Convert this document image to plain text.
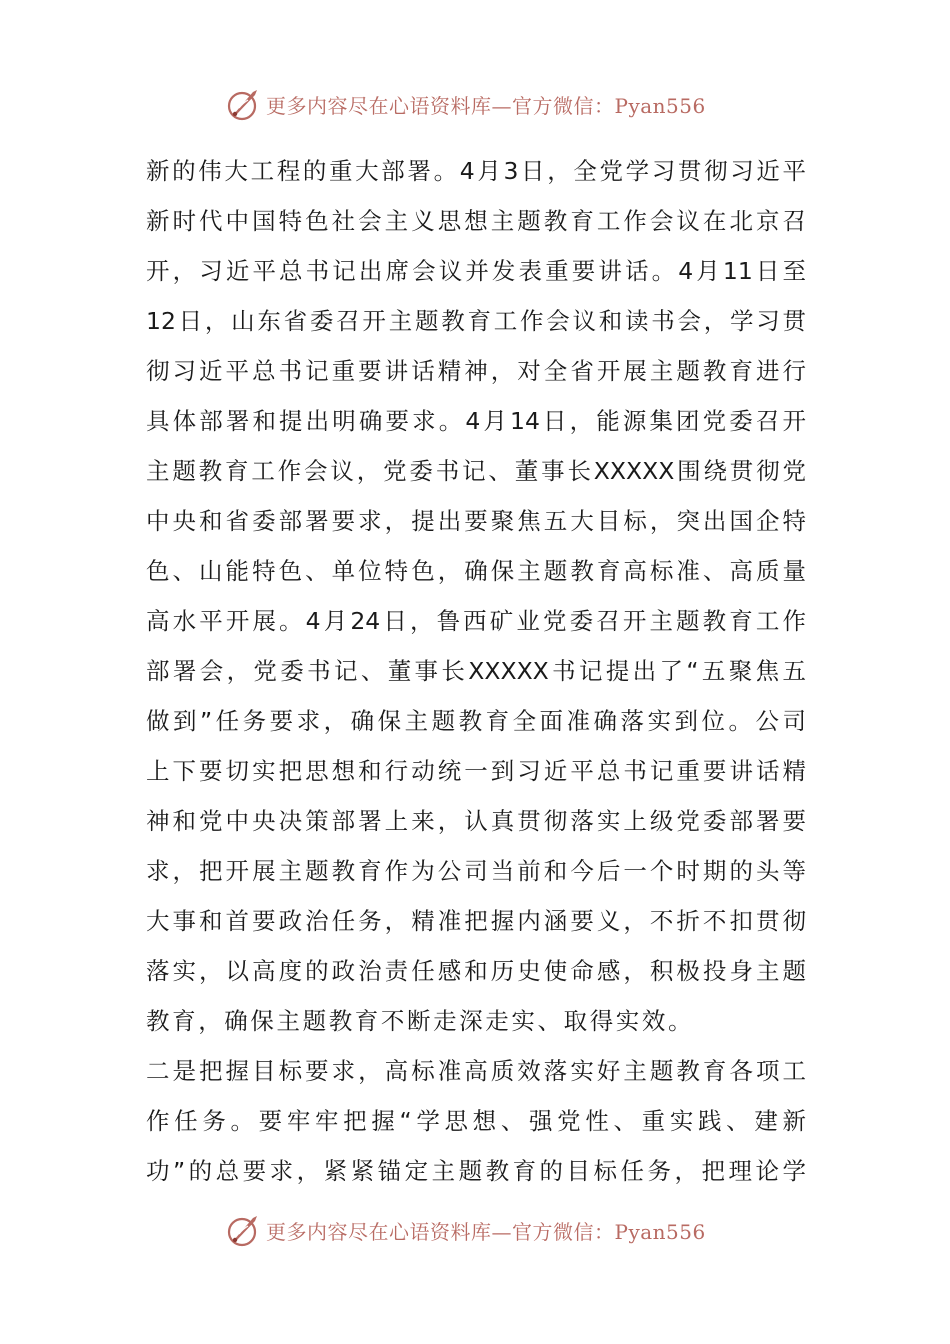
更多内容尽在心语资料库—官方微信：Pyan556
新的伟大工程的重大部署。4月3日，全党学习贯彻习近平
新时代中国特色社会主义思想主题教育工作会议在北京召
开，习近平总书记出席会议并发表重要讲话。4月11日至
12日，山东省委召开主题教育工作会议和读书会，学习贯
彻习近平总书记重要讲话精神，对全省开展主题教育进行
具体部署和提出明确要求。4月14日，能源集团党委召开
主题教育工作会议，党委书记、董事长XXXXX围绕贯彻党
中央和省委部署要求，提出要聚焦五大目标，突出国企特
色、山能特色、单位特色，确保主题教育高标准、高质量
高水平开展。4月24日，鲁西矿业党委召开主题教育工作
部署会，党委书记、董事长XXXXX书记提出了“五聚焦五
做到”任务要求，确保主题教育全面准确落实到位。公司
上下要切实把思想和行动统一到习近平总书记重要讲话精
神和党中央决策部署上来，认真贯彻落实上级党委部署要
求，把开展主题教育作为公司当前和今后一个时期的头等
大事和首要政治任务，精准把握内涵要义，不折不扣贯彻
落实，以高度的政治责任感和历史使命感，积极投身主题
教育，确保主题教育不断走深走实、取得实效。
二是把握目标要求，高标准高质效落实好主题教育各项工
作任务。要牢牢把握“学思想、强党性、重实践、建新
功”的总要求，紧紧锚定主题教育的目标任务，把理论学
更多内容尽在心语资料库—官方微信：Pyan556
